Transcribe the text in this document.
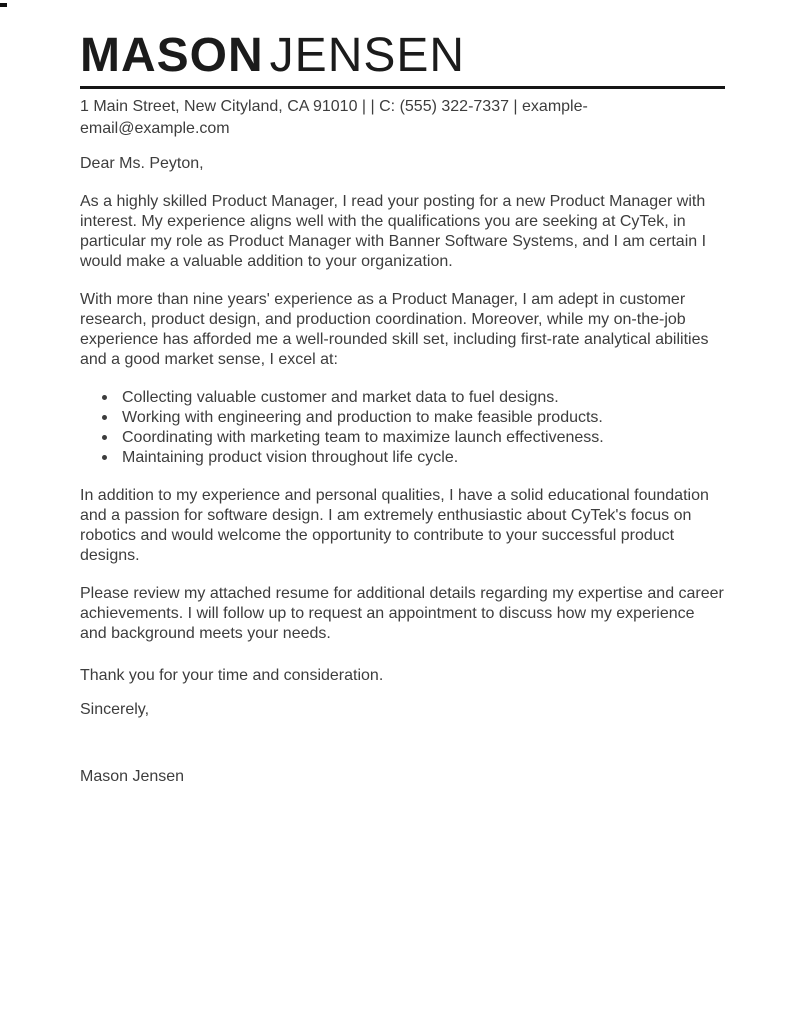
MASON JENSEN
1 Main Street, New Cityland, CA 91010 | | C: (555) 322-7337 | example-
email@example.com
Dear Ms. Peyton,
As a highly skilled Product Manager, I read your posting for a new Product Manager with interest. My experience aligns well with the qualifications you are seeking at CyTek, in particular my role as Product Manager with Banner Software Systems, and I am certain I would make a valuable addition to your organization.
With more than nine years' experience as a Product Manager, I am adept in customer research, product design, and production coordination. Moreover, while my on-the-job experience has afforded me a well-rounded skill set, including first-rate analytical abilities and a good market sense, I excel at:
Collecting valuable customer and market data to fuel designs.
Working with engineering and production to make feasible products.
Coordinating with marketing team to maximize launch effectiveness.
Maintaining product vision throughout life cycle.
In addition to my experience and personal qualities, I have a solid educational foundation and a passion for software design. I am extremely enthusiastic about CyTek's focus on robotics and would welcome the opportunity to contribute to your successful product designs.
Please review my attached resume for additional details regarding my expertise and career achievements. I will follow up to request an appointment to discuss how my experience and background meets your needs.
Thank you for your time and consideration.
Sincerely,
Mason Jensen
